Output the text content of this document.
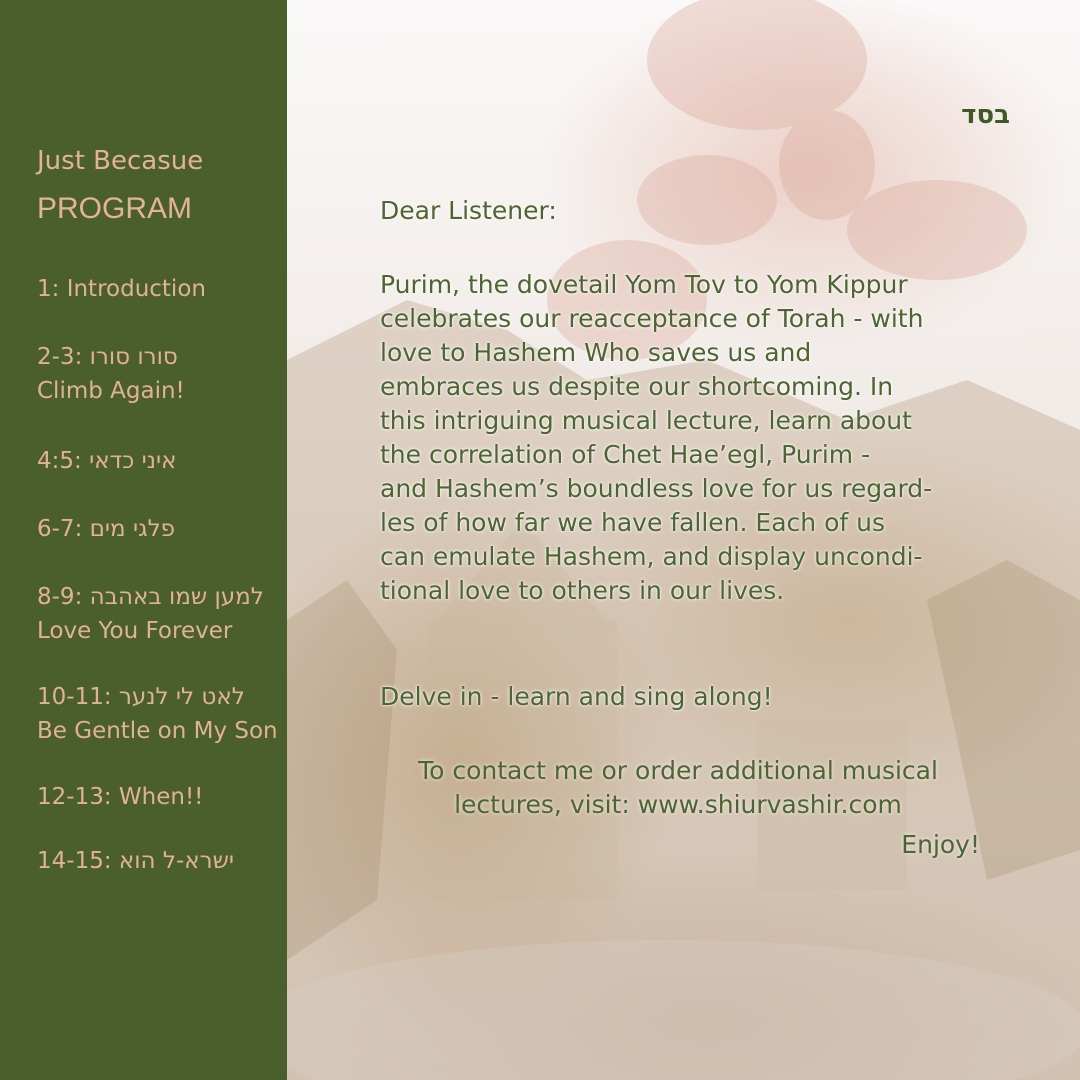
Just Becasue
PROGRAM
1: Introduction
2-3: סורו סורו
Climb Again!
4:5: איני כדאי
6-7: פלגי מים
8-9: למען שמו באהבה
Love You Forever
10-11: לאט לי לנער
Be Gentle on My Son
12-13: When!!
14-15: ישרא-ל הוא
בסד
Dear Listener:
Purim, the dovetail Yom Tov to Yom Kippur
celebrates our reacceptance of Torah - with
love to Hashem Who saves us and
embraces us despite our shortcoming. In
this intriguing musical lecture, learn about
the correlation of Chet Hae’egl, Purim -
and Hashem’s boundless love for us regard-
les of how far we have fallen. Each of us
can emulate Hashem, and display uncondi-
tional love to others in our lives.
Delve in - learn and sing along!
To contact me or order additional musical
lectures, visit: www.shiurvashir.com
Enjoy!
